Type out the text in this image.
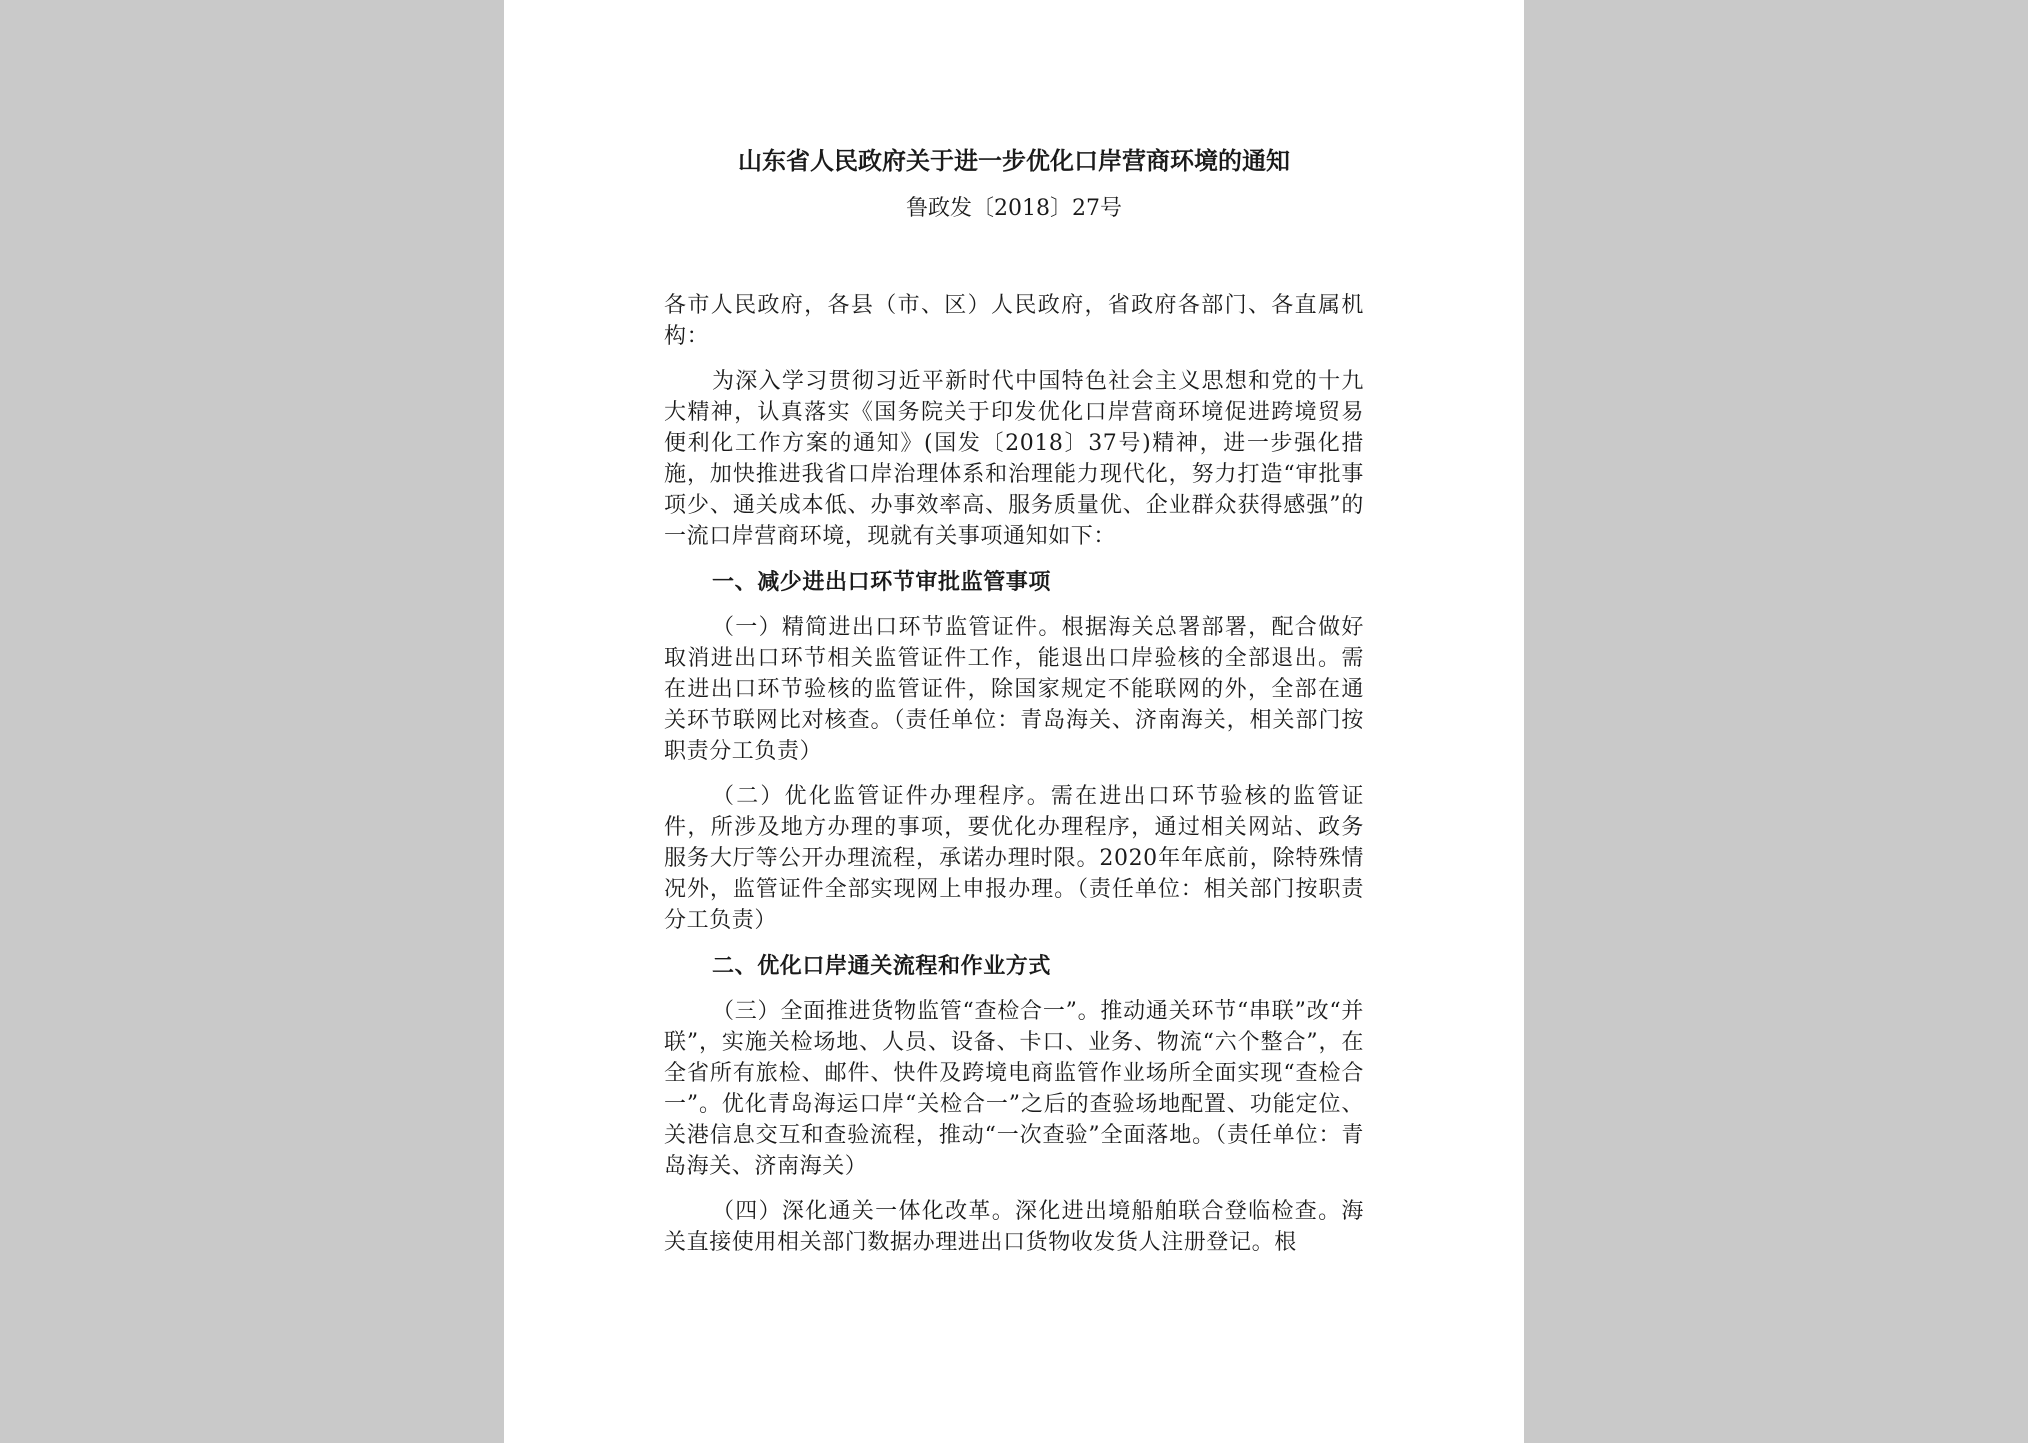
山东省人民政府关于进一步优化口岸营商环境的通知
鲁政发〔2018〕27号

各市人民政府，各县（市、区）人民政府，省政府各部门、各直属机构：

为深入学习贯彻习近平新时代中国特色社会主义思想和党的十九大精神，认真落实《国务院关于印发优化口岸营商环境促进跨境贸易便利化工作方案的通知》(国发〔2018〕37号)精神，进一步强化措施，加快推进我省口岸治理体系和治理能力现代化，努力打造“审批事项少、通关成本低、办事效率高、服务质量优、企业群众获得感强”的一流口岸营商环境，现就有关事项通知如下：

一、减少进出口环节审批监管事项

（一）精简进出口环节监管证件。根据海关总署部署，配合做好取消进出口环节相关监管证件工作，能退出口岸验核的全部退出。需在进出口环节验核的监管证件，除国家规定不能联网的外，全部在通关环节联网比对核查。（责任单位：青岛海关、济南海关，相关部门按职责分工负责）

（二）优化监管证件办理程序。需在进出口环节验核的监管证件，所涉及地方办理的事项，要优化办理程序，通过相关网站、政务服务大厅等公开办理流程，承诺办理时限。2020年年底前，除特殊情况外，监管证件全部实现网上申报办理。（责任单位：相关部门按职责分工负责）

二、优化口岸通关流程和作业方式

（三）全面推进货物监管“查检合一”。推动通关环节“串联”改“并联”，实施关检场地、人员、设备、卡口、业务、物流“六个整合”，在全省所有旅检、邮件、快件及跨境电商监管作业场所全面实现“查检合一”。优化青岛海运口岸“关检合一”之后的查验场地配置、功能定位、关港信息交互和查验流程，推动“一次查验”全面落地。（责任单位：青岛海关、济南海关）

（四）深化通关一体化改革。深化进出境船舶联合登临检查。海关直接使用相关部门数据办理进出口货物收发货人注册登记。根
